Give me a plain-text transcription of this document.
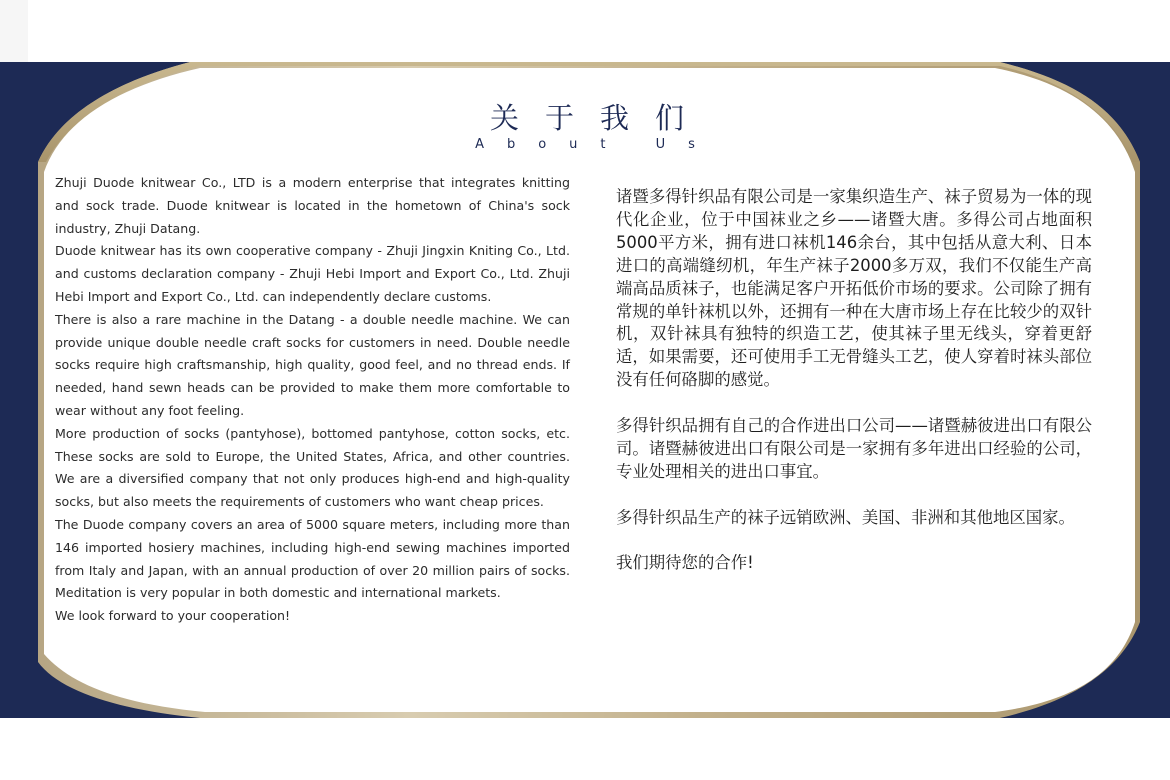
关于我们
About Us

Zhuji Duode knitwear Co., LTD is a modern enterprise that integrates knitting and sock trade. Duode knitwear is located in the hometown of China's sock industry, Zhuji Datang.

Duode knitwear has its own cooperative company - Zhuji Jingxin Kniting Co., Ltd. and customs declaration company - Zhuji Hebi Import and Export Co., Ltd. Zhuji Hebi Import and Export Co., Ltd. can independently declare customs.

There is also a rare machine in the Datang - a double needle machine. We can provide unique double needle craft socks for customers in need. Double needle socks require high craftsmanship, high quality, good feel, and no thread ends. If needed, hand sewn heads can be provided to make them more comfortable to wear without any foot feeling.

More production of socks (pantyhose), bottomed pantyhose, cotton socks, etc. These socks are sold to Europe, the United States, Africa, and other countries. We are a diversified company that not only produces high-end and high-quality socks, but also meets the requirements of customers who want cheap prices.

The Duode company covers an area of 5000 square meters, including more than 146 imported hosiery machines, including high-end sewing machines imported from Italy and Japan, with an annual production of over 20 million pairs of socks. Meditation is very popular in both domestic and international markets.

We look forward to your cooperation!

诸暨多得针织品有限公司是一家集织造生产、袜子贸易为一体的现代化企业，位于中国袜业之乡——诸暨大唐。多得公司占地面积5000平方米，拥有进口袜机146余台，其中包括从意大利、日本进口的高端缝纫机，年生产袜子2000多万双，我们不仅能生产高端高品质袜子，也能满足客户开拓低价市场的要求。公司除了拥有常规的单针袜机以外，还拥有一种在大唐市场上存在比较少的双针机，双针袜具有独特的织造工艺，使其袜子里无线头，穿着更舒适，如果需要，还可使用手工无骨缝头工艺，使人穿着时袜头部位没有任何硌脚的感觉。

多得针织品拥有自己的合作进出口公司——诸暨赫彼进出口有限公司。诸暨赫彼进出口有限公司是一家拥有多年进出口经验的公司，专业处理相关的进出口事宜。

多得针织品生产的袜子远销欧洲、美国、非洲和其他地区国家。

我们期待您的合作!
